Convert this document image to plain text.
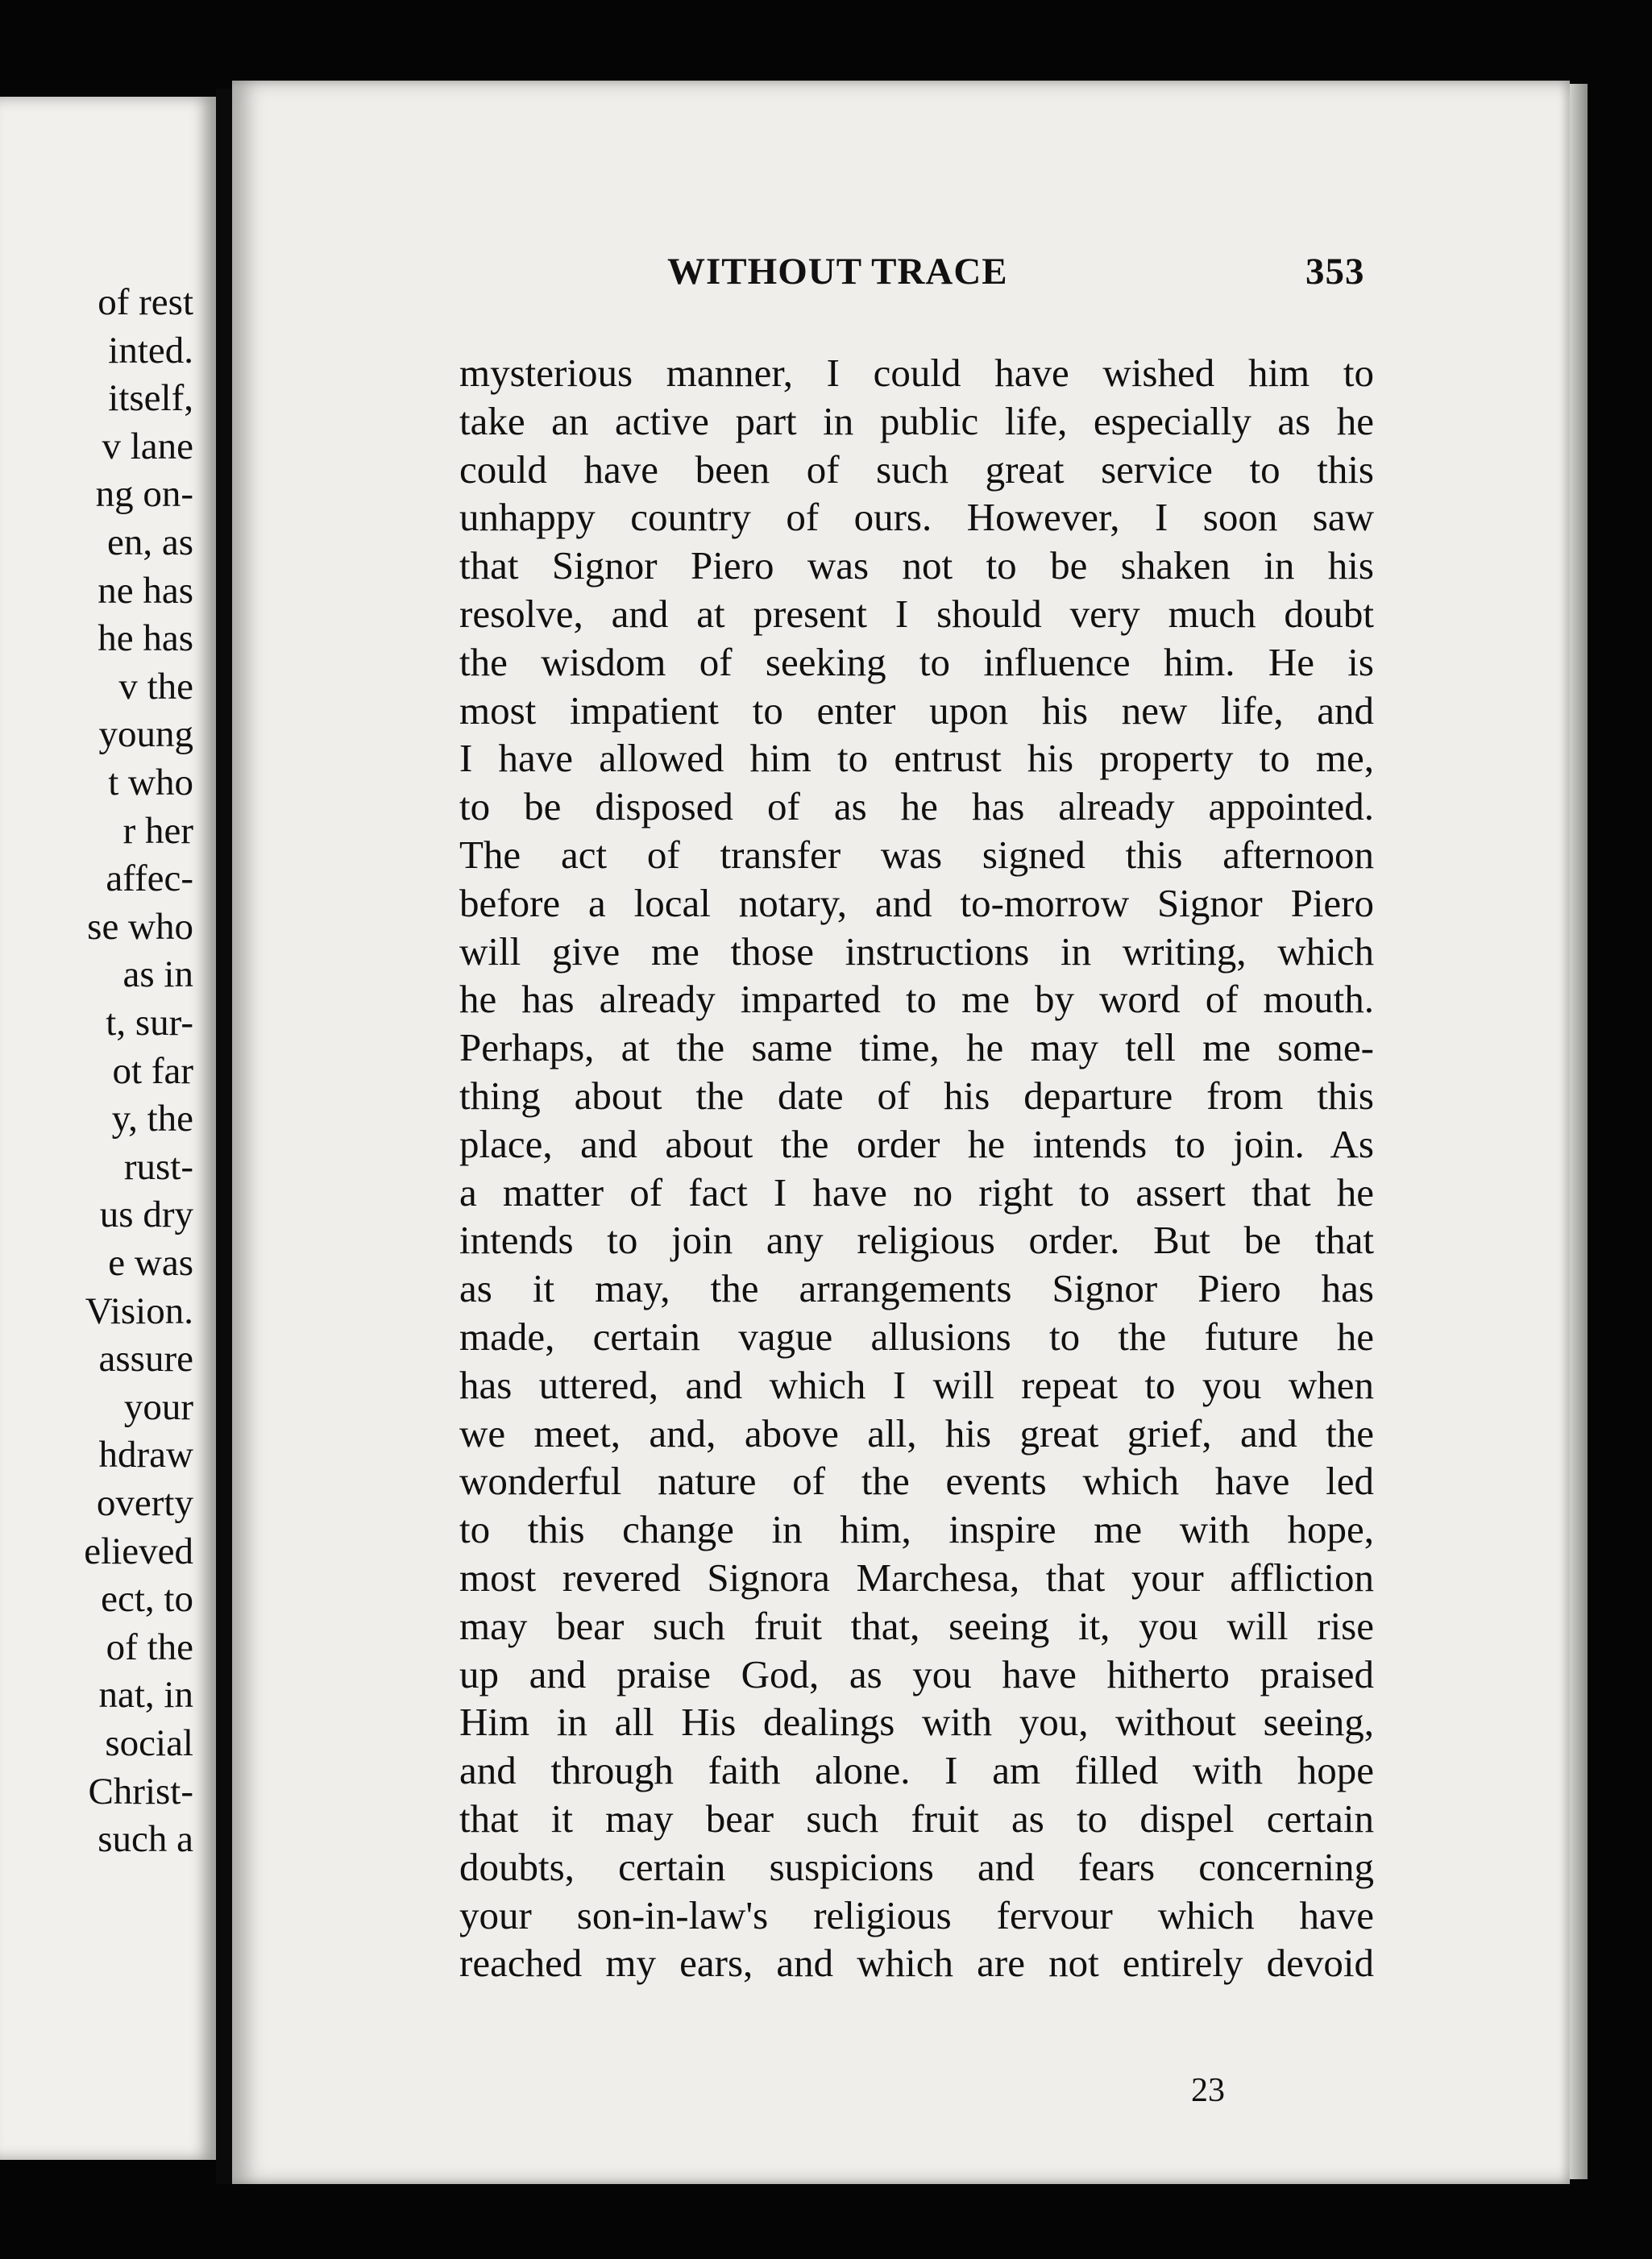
of rest
inted.
itself,
v lane
ng on-
en, as
ne has
he has
v the
young
t who
r her
affec-
se who
as in
t, sur-
ot far
y, the
rust-
us dry
e was
Vision.
assure
your
hdraw
overty
elieved
ect, to
of the
nat, in
social
Christ-
such a
WITHOUT TRACE	353
mysterious manner, I could have wished him to
take an active part in public life, especially as he
could have been of such great service to this
unhappy country of ours. However, I soon saw
that Signor Piero was not to be shaken in his
resolve, and at present I should very much doubt
the wisdom of seeking to influence him. He is
most impatient to enter upon his new life, and
I have allowed him to entrust his property to me,
to be disposed of as he has already appointed.
The act of transfer was signed this afternoon
before a local notary, and to-morrow Signor Piero
will give me those instructions in writing, which
he has already imparted to me by word of mouth.
Perhaps, at the same time, he may tell me some-
thing about the date of his departure from this
place, and about the order he intends to join. As
a matter of fact I have no right to assert that he
intends to join any religious order. But be that
as it may, the arrangements Signor Piero has
made, certain vague allusions to the future he
has uttered, and which I will repeat to you when
we meet, and, above all, his great grief, and the
wonderful nature of the events which have led
to this change in him, inspire me with hope,
most revered Signora Marchesa, that your affliction
may bear such fruit that, seeing it, you will rise
up and praise God, as you have hitherto praised
Him in all His dealings with you, without seeing,
and through faith alone. I am filled with hope
that it may bear such fruit as to dispel certain
doubts, certain suspicions and fears concerning
your son-in-law's religious fervour which have
reached my ears, and which are not entirely devoid
23
